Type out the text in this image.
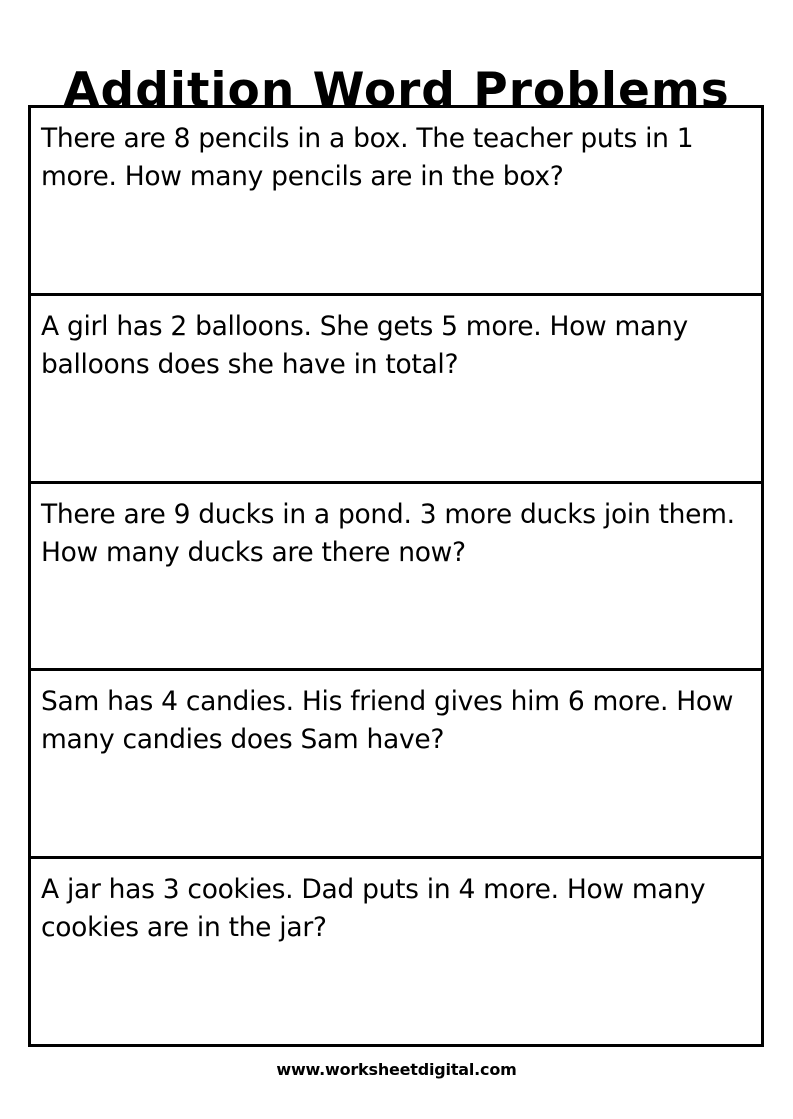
Addition Word Problems
There are 8 pencils in a box. The teacher puts in 1 more. How many pencils are in the box?
A girl has 2 balloons. She gets 5 more. How many balloons does she have in total?
There are 9 ducks in a pond. 3 more ducks join them. How many ducks are there now?
Sam has 4 candies. His friend gives him 6 more. How many candies does Sam have?
A jar has 3 cookies. Dad puts in 4 more. How many cookies are in the jar?
www.worksheetdigital.com
